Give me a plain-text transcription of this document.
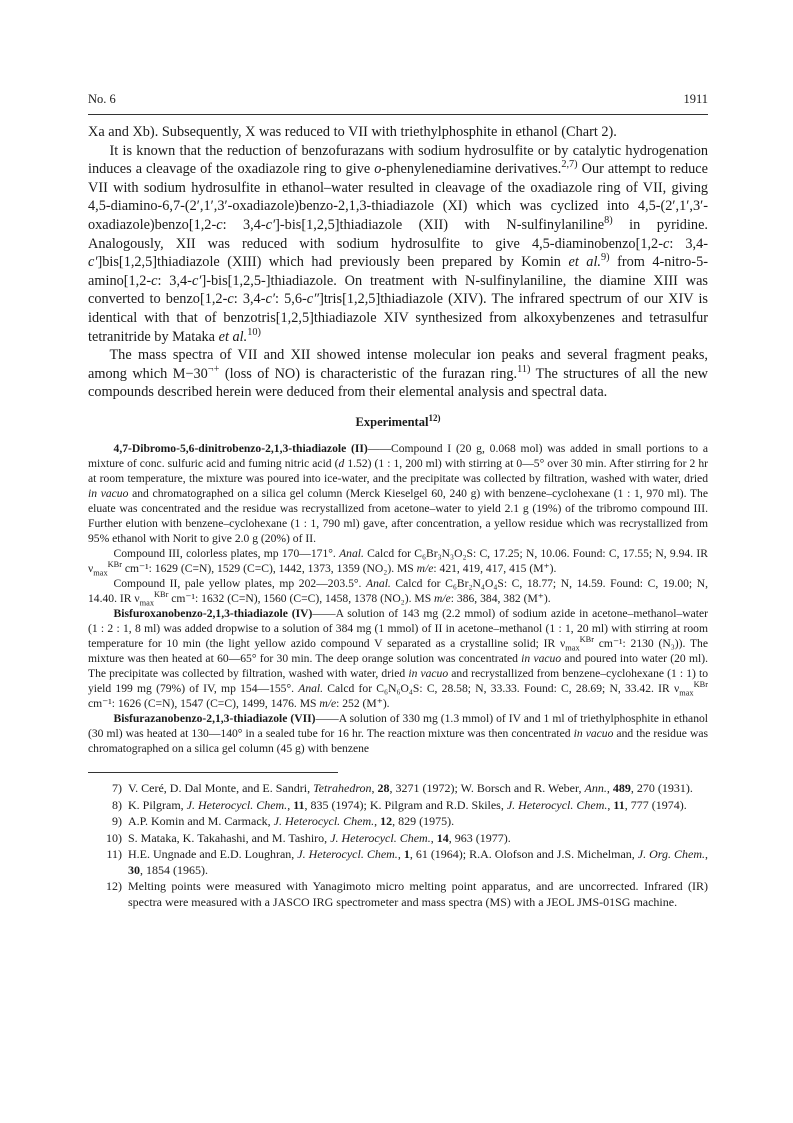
No. 6	1911

Xa and Xb). Subsequently, X was reduced to VII with triethylphosphite in ethanol (Chart 2).

It is known that the reduction of benzofurazans with sodium hydrosulfite or by catalytic hydrogenation induces a cleavage of the oxadiazole ring to give o-phenylenediamine derivatives.$^{2,7)}$ Our attempt to reduce VII with sodium hydrosulfite in ethanol–water resulted in cleavage of the oxadiazole ring of VII, giving 4,5-diamino-6,7-(2′,1′,3′-oxadiazole)benzo-2,1,3-thiadiazole (XI) which was cyclized into 4,5-(2′,1′,3′-oxadiazole)benzo[1,2-c: 3,4-c′]-bis[1,2,5]thiadiazole (XII) with N-sulfinylaniline$^{8)}$ in pyridine. Analogously, XII was reduced with sodium hydrosulfite to give 4,5-diaminobenzo[1,2-c: 3,4-c′]bis[1,2,5]thiadiazole (XIII) which had previously been prepared by Komin et al.$^{9)}$ from 4-nitro-5-amino[1,2-c: 3,4-c′]-bis[1,2,5-]thiadiazole. On treatment with N-sulfinylaniline, the diamine XIII was converted to benzo[1,2-c: 3,4-c′: 5,6-c″]tris[1,2,5]thiadiazole (XIV). The infrared spectrum of our XIV is identical with that of benzotris[1,2,5]thiadiazole XIV synthesized from alkoxybenzenes and tetrasulfur tetranitride by Mataka et al.$^{10)}$

The mass spectra of VII and XII showed intense molecular ion peaks and several fragment peaks, among which M−30¬+ (loss of NO) is characteristic of the furazan ring.$^{11)}$ The structures of all the new compounds described herein were deduced from their elemental analysis and spectral data.

Experimental$^{12)}$

4,7-Dibromo-5,6-dinitrobenzo-2,1,3-thiadiazole (II)——Compound I (20 g, 0.068 mol) was added in small portions to a mixture of conc. sulfuric acid and fuming nitric acid (d 1.52) (1 : 1, 200 ml) with stirring at 0—5° over 30 min. After stirring for 2 hr at room temperature, the mixture was poured into ice-water, and the precipitate was collected by filtration, washed with water, dried in vacuo and chromatographed on a silica gel column (Merck Kieselgel 60, 240 g) with benzene–cyclohexane (1 : 1, 970 ml). The eluate was concentrated and the residue was recrystallized from acetone–water to yield 2.1 g (19%) of the tribromo compound III. Further elution with benzene–cyclohexane (1 : 1, 790 ml) gave, after concentration, a yellow residue which was recrystallized from 95% ethanol with Norit to give 2.0 g (20%) of II.

Compound III, colorless plates, mp 170—171°. Anal. Calcd for C₆Br₃N₃O₂S: C, 17.25; N, 10.06. Found: C, 17.55; N, 9.94. IR $\nu_{max}^{KBr}$ cm⁻¹: 1629 (C=N), 1529 (C=C), 1442, 1373, 1359 (NO₂). MS m/e: 421, 419, 417, 415 (M⁺).

Compound II, pale yellow plates, mp 202—203.5°. Anal. Calcd for C₆Br₂N₄O₄S: C, 18.77; N, 14.59. Found: C, 19.00; N, 14.40. IR $\nu_{max}^{KBr}$ cm⁻¹: 1632 (C=N), 1560 (C=C), 1458, 1378 (NO₂). MS m/e: 386, 384, 382 (M⁺).

Bisfuroxanobenzo-2,1,3-thiadiazole (IV)——A solution of 143 mg (2.2 mmol) of sodium azide in acetone–methanol–water (1 : 2 : 1, 8 ml) was added dropwise to a solution of 384 mg (1 mmol) of II in acetone–methanol (1 : 1, 20 ml) with stirring at room temperature for 10 min (the light yellow azido compound V separated as a crystalline solid; IR $\nu_{max}^{KBr}$ cm⁻¹: 2130 (N₃)). The mixture was then heated at 60—65° for 30 min. The deep orange solution was concentrated in vacuo and poured into water (20 ml). The precipitate was collected by filtration, washed with water, dried in vacuo and recrystallized from benzene–cyclohexane (1 : 1) to yield 199 mg (79%) of IV, mp 154—155°. Anal. Calcd for C₆N₆O₄S: C, 28.58; N, 33.33. Found: C, 28.69; N, 33.42. IR $\nu_{max}^{KBr}$ cm⁻¹: 1626 (C=N), 1547 (C=C), 1499, 1476. MS m/e: 252 (M⁺).

Bisfurazanobenzo-2,1,3-thiadiazole (VII)——A solution of 330 mg (1.3 mmol) of IV and 1 ml of triethylphosphite in ethanol (30 ml) was heated at 130—140° in a sealed tube for 16 hr. The reaction mixture was then concentrated in vacuo and the residue was chromatographed on a silica gel column (45 g) with benzene

7) V. Ceré, D. Dal Monte, and E. Sandri, Tetrahedron, 28, 3271 (1972); W. Borsch and R. Weber, Ann., 489, 270 (1931).
8) K. Pilgram, J. Heterocycl. Chem., 11, 835 (1974); K. Pilgram and R.D. Skiles, J. Heterocycl. Chem., 11, 777 (1974).
9) A.P. Komin and M. Carmack, J. Heterocycl. Chem., 12, 829 (1975).
10) S. Mataka, K. Takahashi, and M. Tashiro, J. Heterocycl. Chem., 14, 963 (1977).
11) H.E. Ungnade and E.D. Loughran, J. Heterocycl. Chem., 1, 61 (1964); R.A. Olofson and J.S. Michelman, J. Org. Chem., 30, 1854 (1965).
12) Melting points were measured with Yanagimoto micro melting point apparatus, and are uncorrected. Infrared (IR) spectra were measured with a JASCO IRG spectrometer and mass spectra (MS) with a JEOL JMS-01SG machine.
